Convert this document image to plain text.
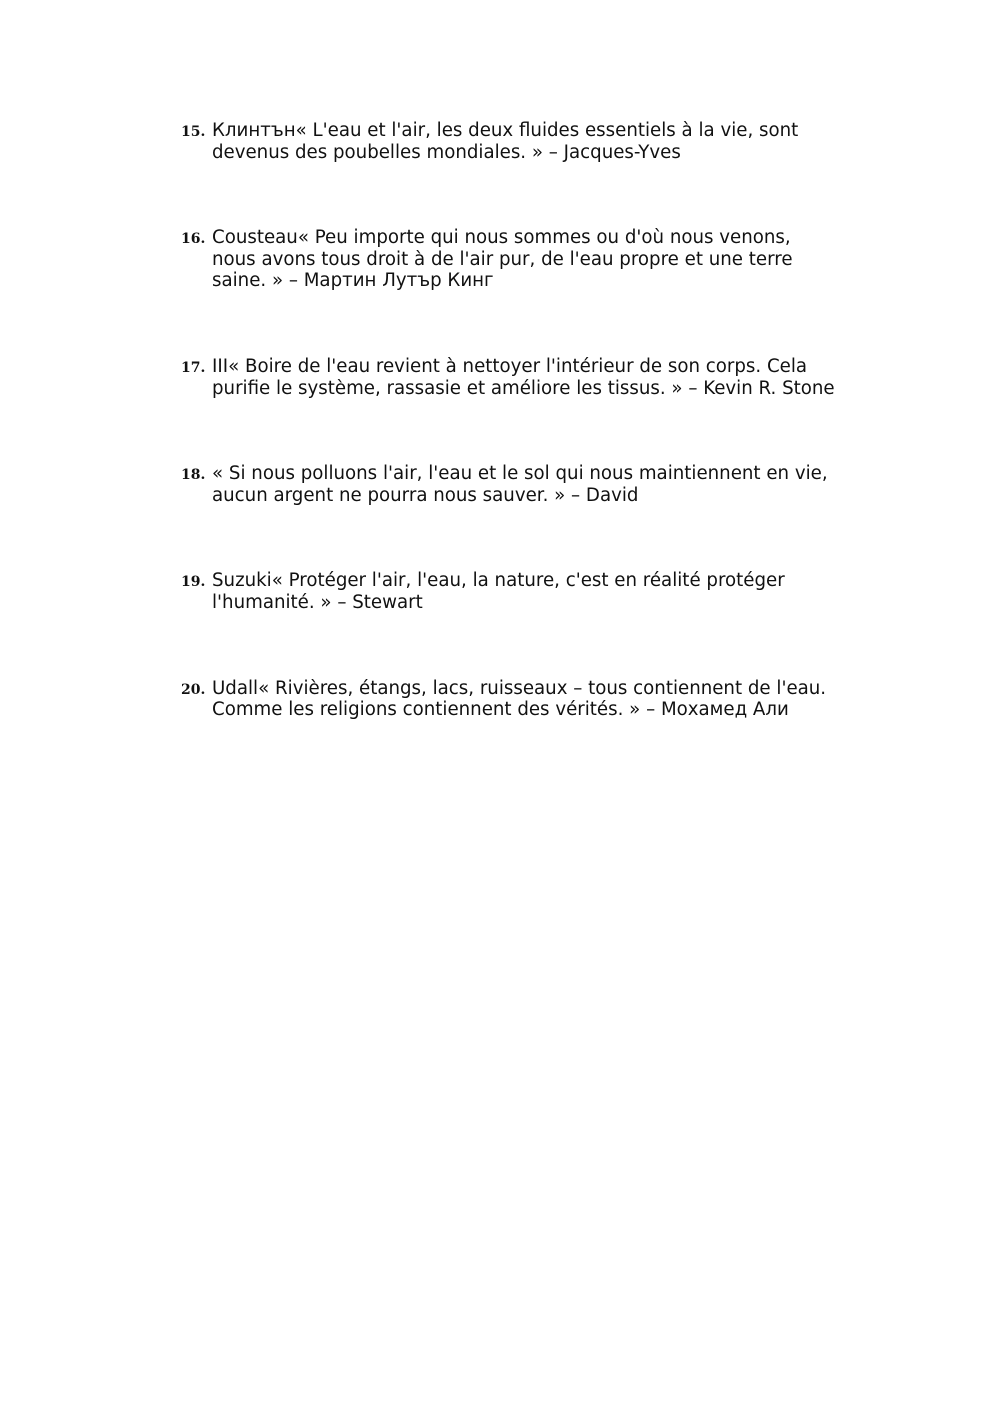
15. Клинтън« L'eau et l'air, les deux fluides essentiels à la vie, sont
devenus des poubelles mondiales. » – Jacques-Yves
16. Cousteau« Peu importe qui nous sommes ou d'où nous venons,
nous avons tous droit à de l'air pur, de l'eau propre et une terre
saine. » – Мартин Лутър Кинг
17. III« Boire de l'eau revient à nettoyer l'intérieur de son corps. Cela
purifie le système, rassasie et améliore les tissus. » – Kevin R. Stone
18. « Si nous polluons l'air, l'eau et le sol qui nous maintiennent en vie,
aucun argent ne pourra nous sauver. » – David
19. Suzuki« Protéger l'air, l'eau, la nature, c'est en réalité protéger
l'humanité. » – Stewart
20. Udall« Rivières, étangs, lacs, ruisseaux – tous contiennent de l'eau.
Comme les religions contiennent des vérités. » – Мохамед Али
